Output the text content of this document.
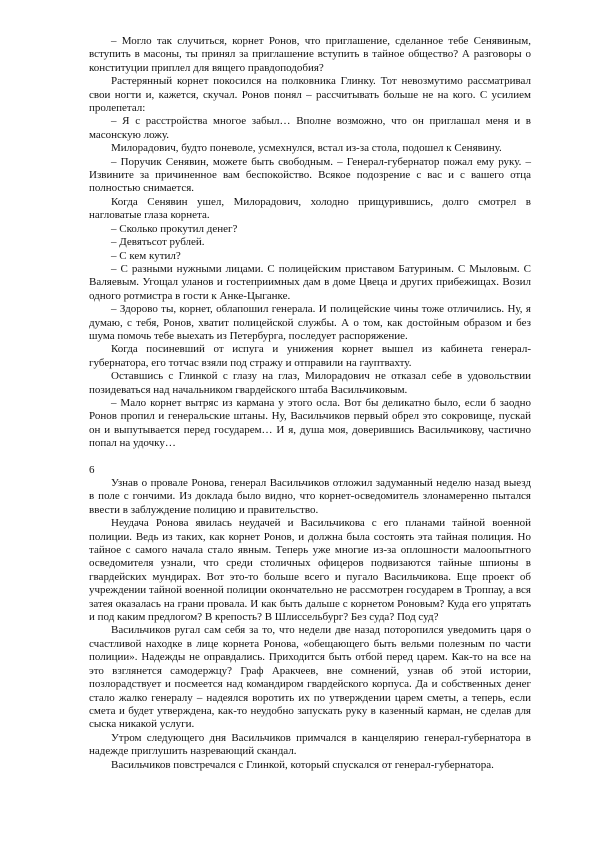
– Могло так случиться, корнет Ронов, что приглашение, сделанное тебе Сенявиным, вступить в масоны, ты принял за приглашение вступить в тайное общество? А разговоры о конституции приплел для вящего правдоподобия?

Растерянный корнет покосился на полковника Глинку. Тот невозмутимо рассматривал свои ногти и, кажется, скучал. Ронов понял – рассчитывать больше не на кого. С усилием пролепетал:

– Я с расстройства многое забыл… Вполне возможно, что он приглашал меня и в масонскую ложу.

Милорадович, будто поневоле, усмехнулся, встал из-за стола, подошел к Сенявину.

– Поручик Сенявин, можете быть свободным. – Генерал-губернатор пожал ему руку. – Извините за причиненное вам беспокойство. Всякое подозрение с вас и с вашего отца полностью снимается.

Когда Сенявин ушел, Милорадович, холодно прищурившись, долго смотрел в нагловатые глаза корнета.

– Сколько прокутил денег?

– Девятьсот рублей.

– С кем кутил?

– С разными нужными лицами. С полицейским приставом Батуриным. С Мыловым. С Валяевым. Угощал уланов и гостеприимных дам в доме Цвеца и других прибежищах. Возил одного ротмистра в гости к Анке-Цыганке.

– Здорово ты, корнет, облапошил генерала. И полицейские чины тоже отличились. Ну, я думаю, с тебя, Ронов, хватит полицейской службы. А о том, как достойным образом и без шума помочь тебе выехать из Петербурга, последует распоряжение.

Когда посиневший от испуга и унижения корнет вышел из кабинета генерал-губернатора, его тотчас взяли под стражу и отправили на гауптвахту.

Оставшись с Глинкой с глазу на глаз, Милорадович не отказал себе в удовольствии позидеваться над начальником гвардейского штаба Васильчиковым.

– Мало корнет вытряс из кармана у этого осла. Вот бы деликатно было, если б заодно Ронов пропил и генеральские штаны. Ну, Васильчиков первый обрел это сокровище, пускай он и выпутывается перед государем… И я, душа моя, доверившись Васильчикову, частично попал на удочку…

6

Узнав о провале Ронова, генерал Васильчиков отложил задуманный неделю назад выезд в поле с гончими. Из доклада было видно, что корнет-осведомитель злонамеренно пытался ввести в заблуждение полицию и правительство.

Неудача Ронова явилась неудачей и Васильчикова с его планами тайной военной полиции. Ведь из таких, как корнет Ронов, и должна была состоять эта тайная полиция. Но тайное с самого начала стало явным. Теперь уже многие из-за оплошности малоопытного осведомителя узнали, что среди столичных офицеров подвизаются тайные шпионы в гвардейских мундирах. Вот это-то больше всего и пугало Васильчикова. Еще проект об учреждении тайной военной полиции окончательно не рассмотрен государем в Троппау, а вся затея оказалась на грани провала. И как быть дальше с корнетом Роновым? Куда его упрятать и под каким предлогом? В крепость? В Шлиссельбург? Без суда? Под суд?

Васильчиков ругал сам себя за то, что недели две назад поторопился уведомить царя о счастливой находке в лице корнета Ронова, «обещающего быть вельми полезным по части полиции». Надежды не оправдались. Приходится быть отбой перед царем. Как-то на все на это взглянется самодержцу? Граф Аракчеев, вне сомнений, узнав об этой истории, позлорадствует и посмеется над командиром гвардейского корпуса. Да и собственных денег стало жалко генералу – надеялся воротить их по утверждении царем сметы, а теперь, если смета и будет утверждена, как-то неудобно запускать руку в казенный карман, не сделав для сыска никакой услуги.

Утром следующего дня Васильчиков примчался в канцелярию генерал-губернатора в надежде приглушить назревающий скандал.

Васильчиков повстречался с Глинкой, который спускался от генерал-губернатора.
